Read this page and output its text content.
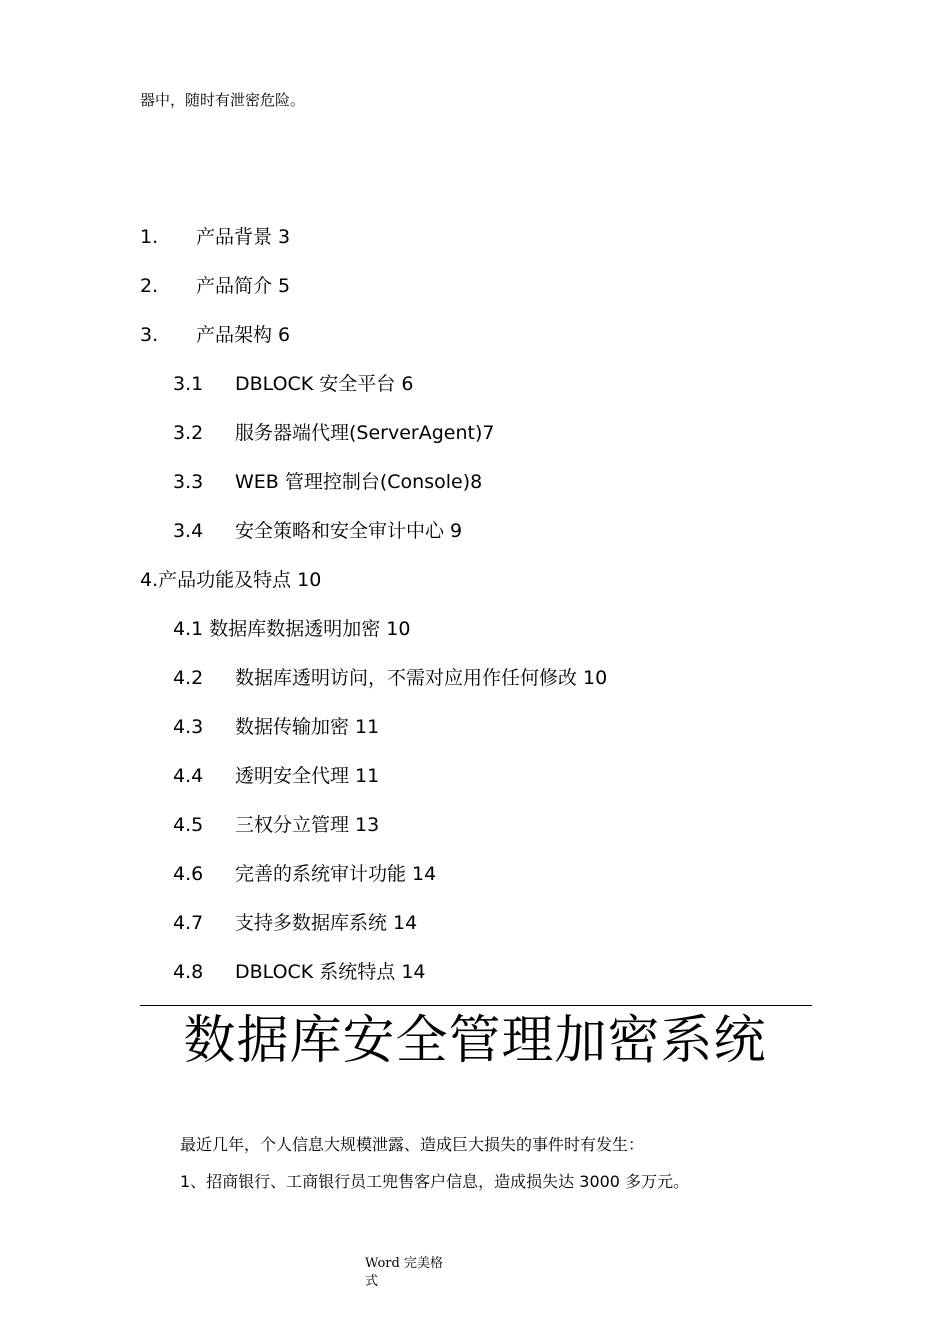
器中，随时有泄密危险。
1. 产品背景 3
2. 产品简介 5
3. 产品架构 6
3.1 DBLOCK 安全平台 6
3.2 服务器端代理(ServerAgent)7
3.3 WEB 管理控制台(Console)8
3.4 安全策略和安全审计中心 9
4.产品功能及特点 10
4.1 数据库数据透明加密 10
4.2 数据库透明访问，不需对应用作任何修改 10
4.3 数据传输加密 11
4.4 透明安全代理 11
4.5 三权分立管理 13
4.6 完善的系统审计功能 14
4.7 支持多数据库系统 14
4.8 DBLOCK 系统特点 14
数据库安全管理加密系统
最近几年，个人信息大规模泄露、造成巨大损失的事件时有发生：
1、招商银行、工商银行员工兜售客户信息，造成损失达 3000 多万元。
Word 完美格式
